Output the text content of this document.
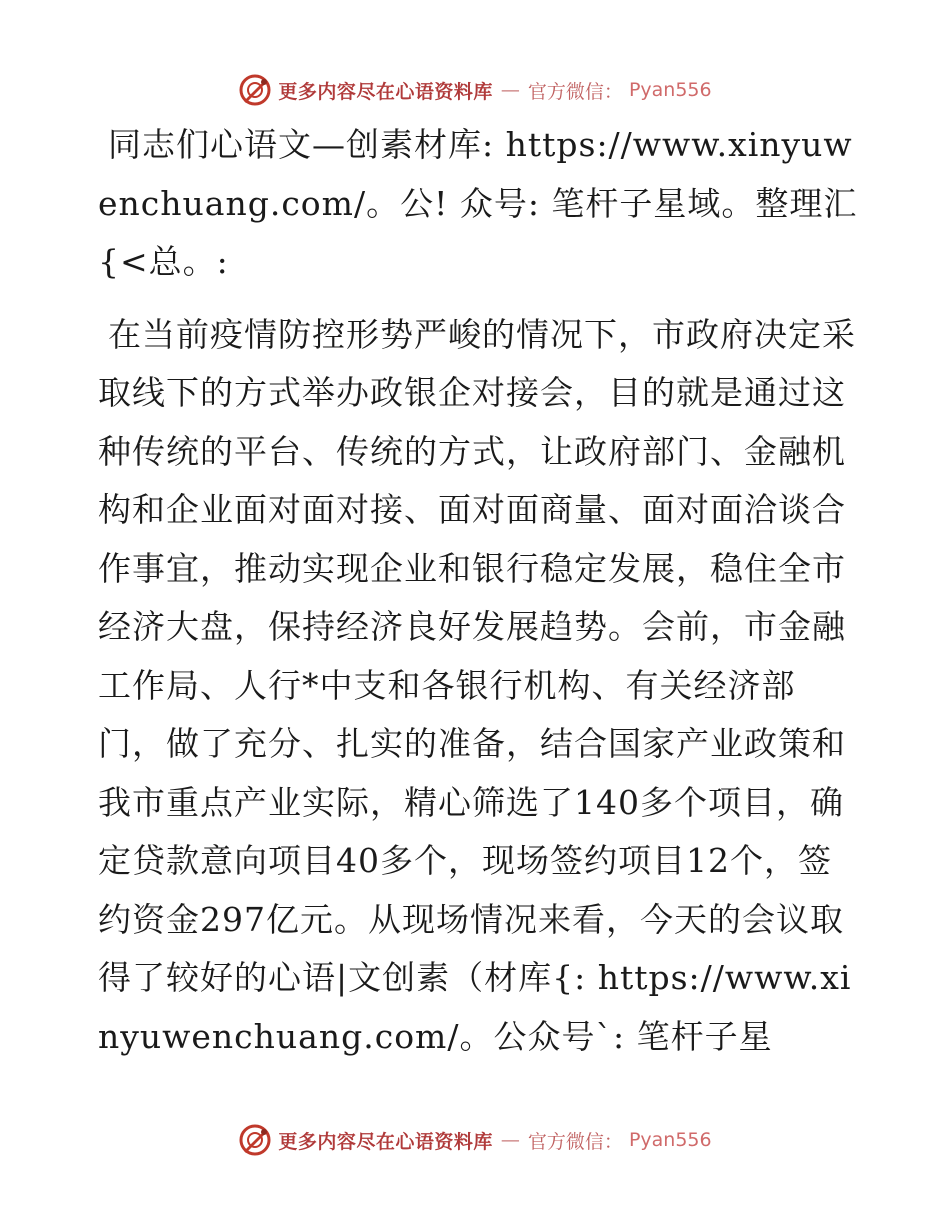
更多内容尽在心语资料库 — 官方微信： Pyan556

同志们心语文—创素材库: https://www.xinyuwenchuang.com/。公! 众号: 笔杆子星域。整理汇{<总。:

在当前疫情防控形势严峻的情况下，市政府决定采取线下的方式举办政银企对接会，目的就是通过这种传统的平台、传统的方式，让政府部门、金融机构和企业面对面对接、面对面商量、面对面洽谈合作事宜，推动实现企业和银行稳定发展，稳住全市经济大盘，保持经济良好发展趋势。会前，市金融工作局、人行*中支和各银行机构、有关经济部门，做了充分、扎实的准备，结合国家产业政策和我市重点产业实际，精心筛选了140多个项目，确定贷款意向项目40多个，现场签约项目12个，签约资金297亿元。从现场情况来看，今天的会议取得了较好的心语|文创素（材库{: https://www.xinyuwenchuang.com/。公众号`: 笔杆子星

更多内容尽在心语资料库 — 官方微信： Pyan556
